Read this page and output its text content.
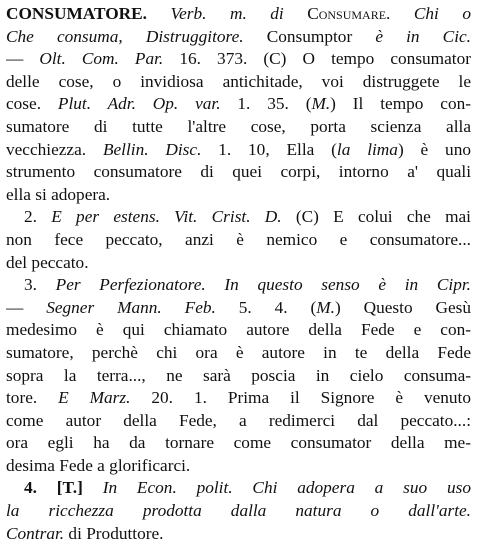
CONSUMATORE. Verb. m. di Consumare. Chi o
Che consuma, Distruggitore. Consumptor è in Cic.
— Olt. Com. Par. 16. 373. (C) O tempo consumator
delle cose, o invidiosa antichitade, voi distruggete le
cose. Plut. Adr. Op. var. 1. 35. (M.) Il tempo con-
sumatore di tutte l'altre cose, porta scienza alla
vecchiezza. Bellin. Disc. 1. 10, Ella (la lima) è uno
strumento consumatore di quei corpi, intorno a' quali
ella si adopera.
2. E per estens. Vit. Crist. D. (C) E colui che mai
non fece peccato, anzi è nemico e consumatore...
del peccato.
3. Per Perfezionatore. In questo senso è in Cipr.
— Segner Mann. Feb. 5. 4. (M.) Questo Gesù
medesimo è qui chiamato autore della Fede e con-
sumatore, perchè chi ora è autore in te della Fede
sopra la terra..., ne sarà poscia in cielo consuma-
tore. E Marz. 20. 1. Prima il Signore è venuto
come autor della Fede, a redimerci dal peccato...:
ora egli ha da tornare come consumator della me-
desima Fede a glorificarci.
4. [T.] In Econ. polit. Chi adopera a suo uso
la ricchezza prodotta dalla natura o dall'arte.
Contrar. di Produttore.
